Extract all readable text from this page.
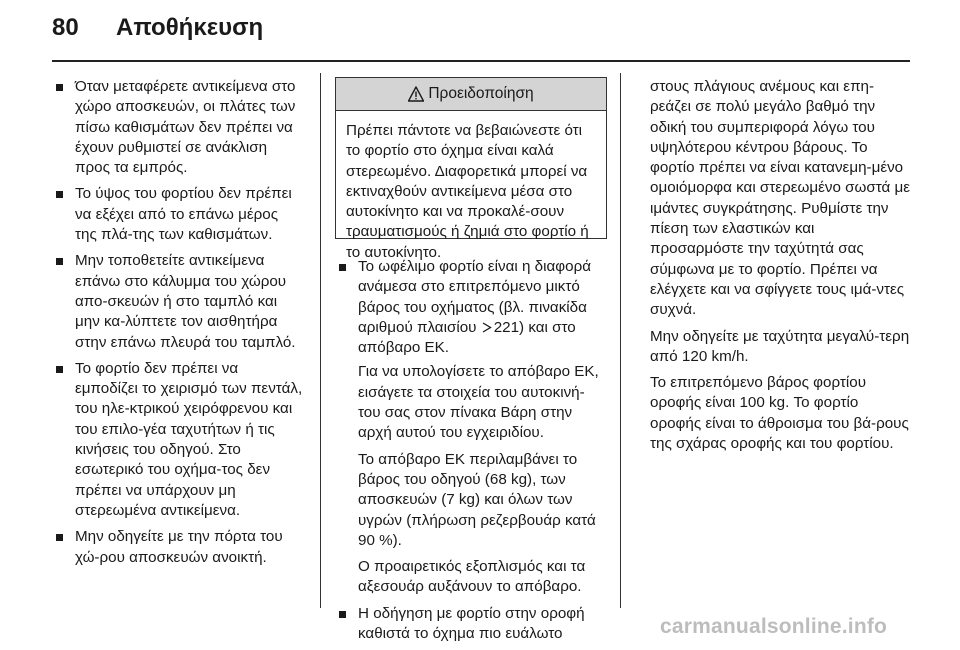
80 Αποθήκευση
Όταν μεταφέρετε αντικείμενα στο χώρο αποσκευών, οι πλάτες των πίσω καθισμάτων δεν πρέπει να έχουν ρυθμιστεί σε ανάκλιση προς τα εμπρός.
Το ύψος του φορτίου δεν πρέπει να εξέχει από το επάνω μέρος της πλά-της των καθισμάτων.
Μην τοποθετείτε αντικείμενα επάνω στο κάλυμμα του χώρου απο-σκευών ή στο ταμπλό και μην κα-λύπτετε τον αισθητήρα στην επάνω πλευρά του ταμπλό.
Το φορτίο δεν πρέπει να εμποδίζει το χειρισμό των πεντάλ, του ηλε-κτρικού χειρόφρενου και του επιλο-γέα ταχυτήτων ή τις κινήσεις του οδηγού. Στο εσωτερικό του οχήμα-τος δεν πρέπει να υπάρχουν μη στερεωμένα αντικείμενα.
Μην οδηγείτε με την πόρτα του χώ-ρου αποσκευών ανοικτή.
Προειδοποίηση
Πρέπει πάντοτε να βεβαιώνεστε ότι το φορτίο στο όχημα είναι καλά στερεωμένο. Διαφορετικά μπορεί να εκτιναχθούν αντικείμενα μέσα στο αυτοκίνητο και να προκαλέ-σουν τραυματισμούς ή ζημιά στο φορτίο ή το αυτοκίνητο.
Το ωφέλιμο φορτίο είναι η διαφορά ανάμεσα στο επιτρεπόμενο μικτό βάρος του οχήματος (βλ. πινακίδα αριθμού πλαισίου 221) και στο απόβαρο ΕΚ.

Για να υπολογίσετε το απόβαρο ΕΚ, εισάγετε τα στοιχεία του αυτοκινή-του σας στον πίνακα Βάρη στην αρχή αυτού του εγχειριδίου.

Το απόβαρο ΕΚ περιλαμβάνει το βάρος του οδηγού (68 kg), των αποσκευών (7 kg) και όλων των υγρών (πλήρωση ρεζερβουάρ κατά 90 %).

Ο προαιρετικός εξοπλισμός και τα αξεσουάρ αυξάνουν το απόβαρο.

Η οδήγηση με φορτίο στην οροφή καθιστά το όχημα πιο ευάλωτο

στους πλάγιους ανέμους και επη-ρεάζει σε πολύ μεγάλο βαθμό την οδική του συμπεριφορά λόγω του υψηλότερου κέντρου βάρους. Το φορτίο πρέπει να είναι κατανεμη-μένο ομοιόμορφα και στερεωμένο σωστά με ιμάντες συγκράτησης. Ρυθμίστε την πίεση των ελαστικών και προσαρμόστε την ταχύτητά σας σύμφωνα με το φορτίο. Πρέπει να ελέγχετε και να σφίγγετε τους ιμά-ντες συχνά.

Μην οδηγείτε με ταχύτητα μεγαλύ-τερη από 120 km/h.

Το επιτρεπόμενο βάρος φορτίου οροφής είναι 100 kg. Το φορτίο οροφής είναι το άθροισμα του βά-ρους της σχάρας οροφής και του φορτίου.

carmanualsonline.info
